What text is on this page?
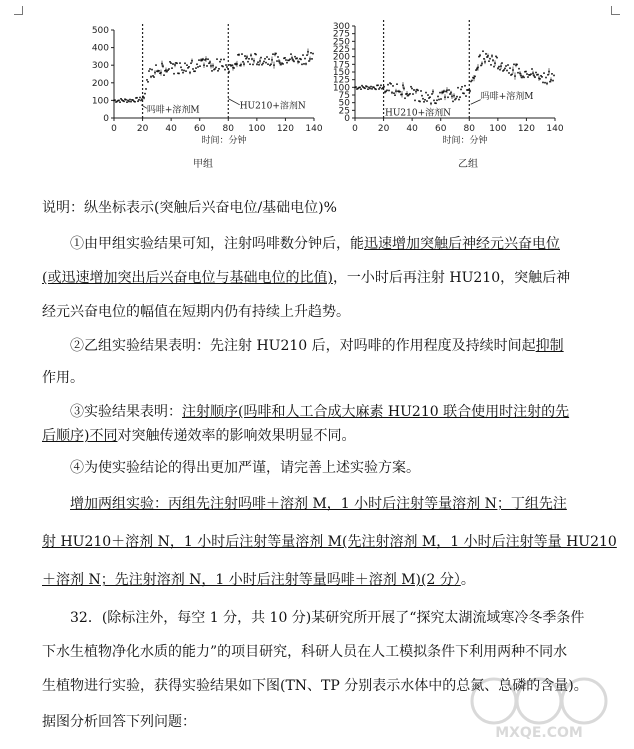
0
100
200
300
400
500
0 20 40 60 80 100 120 140
时间：分钟
吗啡+溶剂M	HU210+溶剂N
甲组
0
25
50
75
100
125
150
175
200
225
250
275
300
0 20 40 60 80 100 120 140
时间：分钟
HU210+溶剂N
吗啡+溶剂M
乙组
说明：纵坐标表示(突触后兴奋电位/基础电位)%
①由甲组实验结果可知，注射吗啡数分钟后，能迅速增加突触后神经元兴奋电位
(或迅速增加突出后兴奋电位与基础电位的比值)，一小时后再注射 HU210，突触后神
经元兴奋电位的幅值在短期内仍有持续上升趋势。
②乙组实验结果表明：先注射 HU210 后，对吗啡的作用程度及持续时间起抑制
作用。
③实验结果表明：注射顺序(吗啡和人工合成大麻素 HU210 联合使用时注射的先
后顺序)不同对突触传递效率的影响效果明显不同。
④为使实验结论的得出更加严谨，请完善上述实验方案。
增加两组实验：丙组先注射吗啡＋溶剂 M，1 小时后注射等量溶剂 N；丁组先注
射 HU210＋溶剂 N，1 小时后注射等量溶剂 M(先注射溶剂 M，1 小时后注射等量 HU210
＋溶剂 N；先注射溶剂 N，1 小时后注射等量吗啡＋溶剂 M)(2 分）。
32．(除标注外，每空 1 分，共 10 分)某研究所开展了“探究太湖流域寒冷冬季条件
下水生植物净化水质的能力”的项目研究，科研人员在人工模拟条件下利用两种不同水
生植物进行实验，获得实验结果如下图(TN、TP 分别表示水体中的总氮、总磷的含量)。
据图分析回答下列问题：
MXQE.COM
